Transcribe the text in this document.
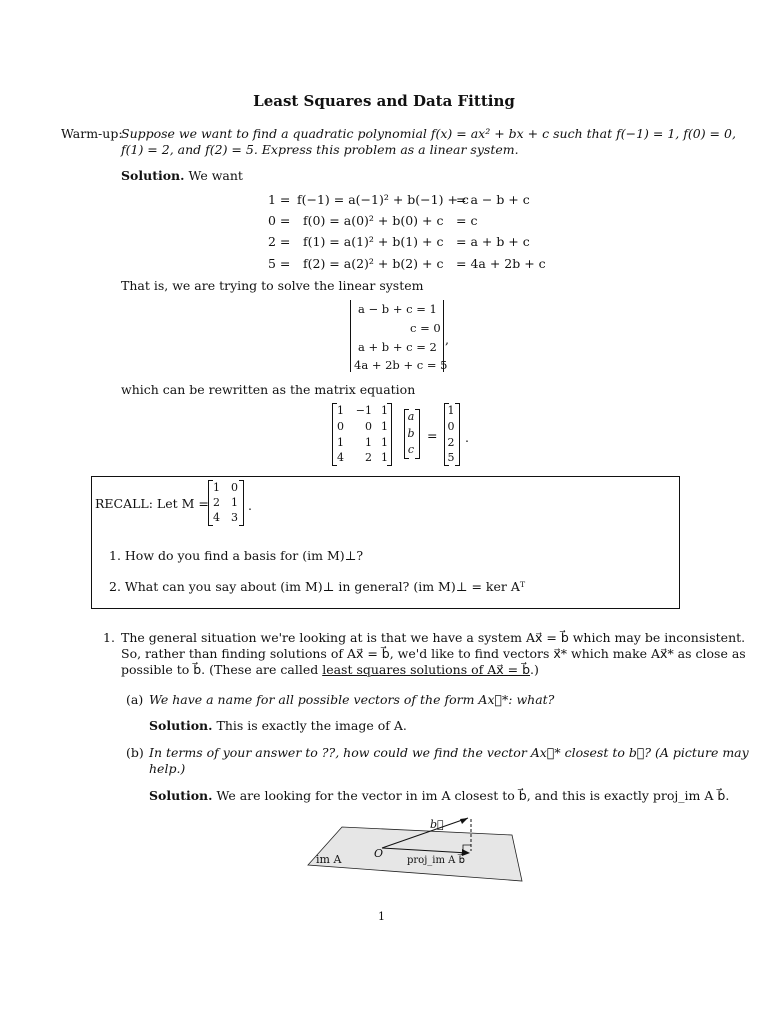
Least Squares and Data Fitting
Warm-up:
Suppose we want to find a quadratic polynomial f(x) = ax² + bx + c such that f(−1) = 1, f(0) = 0,
f(1) = 2, and f(2) = 5. Express this problem as a linear system.
Solution. We want
1 = f(−1) = a(−1)² + b(−1) + c
= a − b + c
0 = f(0) = a(0)² + b(0) + c = c
2 = f(1) = a(1)² + b(1) + c = a + b + c
5 = f(2) = a(2)² + b(2) + c = 4a + 2b + c
That is, we are trying to solve the linear system
a − b + c = 1
c = 0
a + b + c = 2
4a + 2b + c = 5
,
which can be rewritten as the matrix equation
1	−1 1
0	0 1
1	1 1
4	2 1
a
b
c
=
1
0
2
5
.
RECALL: Let M =
1 0
2 1
4 3
.
1. How do you find a basis for (im M)⊥?
2. What can you say about (im M)⊥ in general? (im M)⊥ = ker Aᵀ
1. The general situation we're looking at is that we have a system Ax⃗ = b⃗ which may be inconsistent.
So, rather than finding solutions of Ax⃗ = b⃗, we'd like to find vectors x⃗* which make Ax⃗* as close as
possible to b⃗. (These are called least squares solutions of Ax⃗ = b⃗.)
(a) We have a name for all possible vectors of the form Ax⃗*: what?
Solution. This is exactly the image of A.
(b) In terms of your answer to ??, how could we find the vector Ax⃗* closest to b⃗? (A picture may
help.)
Solution. We are looking for the vector in im A closest to b⃗, and this is exactly proj_im A b⃗.
im A	O
b⃗
proj_im A b⃗
1
